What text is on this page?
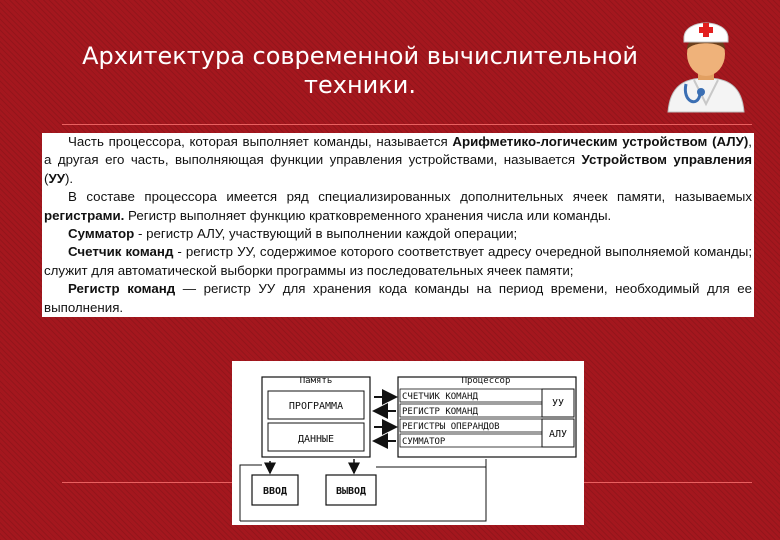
Архитектура современной вычислительной
техники.

Часть процессора, которая выполняет команды, называется Арифметико-логическим устройством (АЛУ), а другая его часть, выполняющая функции управления устройствами, называется Устройством управления (УУ).

В составе процессора имеется ряд специализированных дополнительных ячеек памяти, называемых регистрами. Регистр выполняет функцию кратковременного хранения числа или команды.

Сумматор - регистр АЛУ, участвующий в выполнении каждой операции;

Счетчик команд - регистр УУ, содержимое которого соответствует адресу очередной выполняемой команды; служит для автоматической выборки программы из последовательных ячеек памяти;

Регистр команд — регистр УУ для хранения кода команды на период времени, необходимый для ее выполнения.

Память
ПРОГРАММА
ДАННЫЕ
Процессор
СЧЕТЧИК КОМАНД
РЕГИСТР КОМАНД
РЕГИСТРЫ ОПЕРАНДОВ
СУММАТОР
УУ
АЛУ
ВВОД	ВЫВОД
